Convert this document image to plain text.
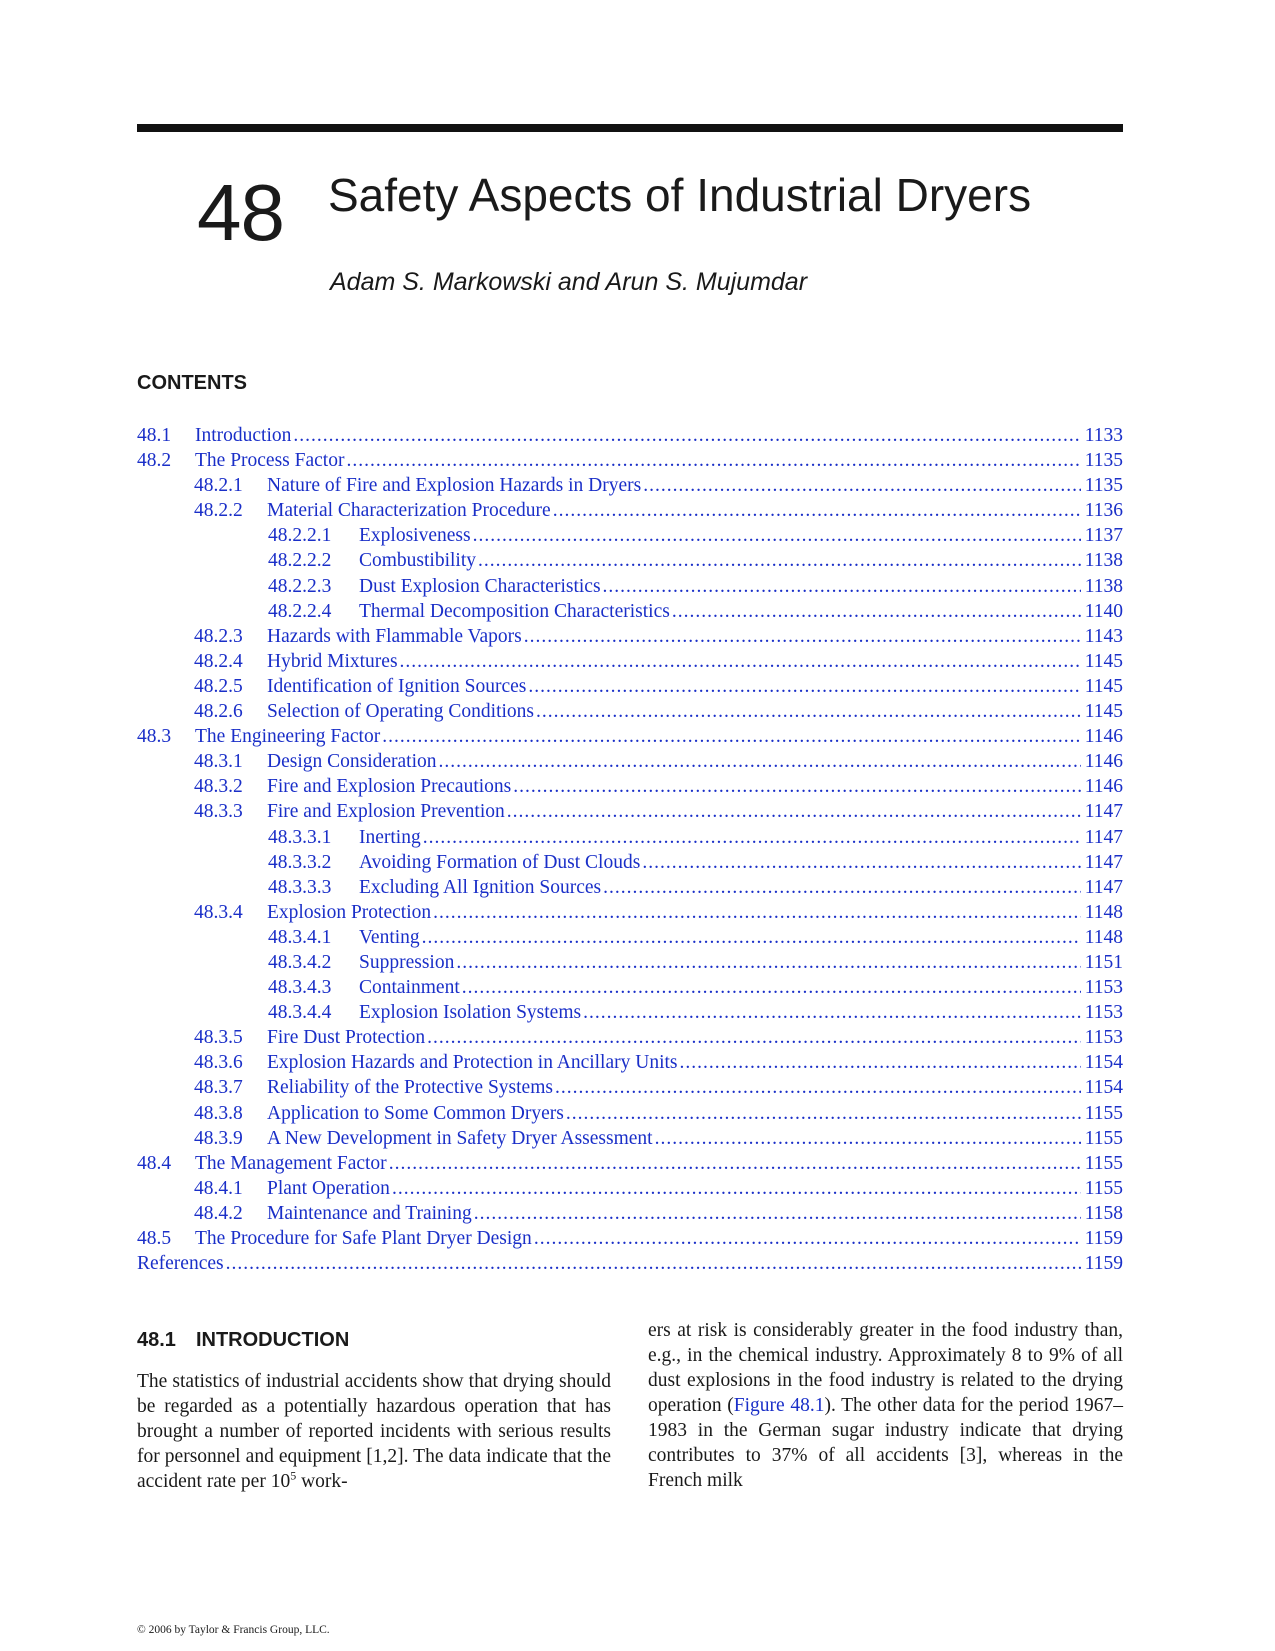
48 Safety Aspects of Industrial Dryers
Adam S. Markowski and Arun S. Mujumdar
CONTENTS
48.1	Introduction .....	1133
48.2	The Process Factor .....	1135
48.2.1	Nature of Fire and Explosion Hazards in Dryers .....	1135
48.2.2	Material Characterization Procedure .....	1136
48.2.2.1	Explosiveness .....	1137
48.2.2.2	Combustibility .....	1138
48.2.2.3	Dust Explosion Characteristics .....	1138
48.2.2.4	Thermal Decomposition Characteristics .....	1140
48.2.3	Hazards with Flammable Vapors .....	1143
48.2.4	Hybrid Mixtures .....	1145
48.2.5	Identification of Ignition Sources .....	1145
48.2.6	Selection of Operating Conditions .....	1145
48.3	The Engineering Factor .....	1146
48.3.1	Design Consideration .....	1146
48.3.2	Fire and Explosion Precautions .....	1146
48.3.3	Fire and Explosion Prevention .....	1147
48.3.3.1	Inerting .....	1147
48.3.3.2	Avoiding Formation of Dust Clouds .....	1147
48.3.3.3	Excluding All Ignition Sources .....	1147
48.3.4	Explosion Protection .....	1148
48.3.4.1	Venting .....	1148
48.3.4.2	Suppression .....	1151
48.3.4.3	Containment .....	1153
48.3.4.4	Explosion Isolation Systems .....	1153
48.3.5	Fire Dust Protection .....	1153
48.3.6	Explosion Hazards and Protection in Ancillary Units .....	1154
48.3.7	Reliability of the Protective Systems .....	1154
48.3.8	Application to Some Common Dryers .....	1155
48.3.9	A New Development in Safety Dryer Assessment .....	1155
48.4	The Management Factor .....	1155
48.4.1	Plant Operation .....	1155
48.4.2	Maintenance and Training .....	1158
48.5	The Procedure for Safe Plant Dryer Design .....	1159
References .....	1159
48.1 INTRODUCTION

The statistics of industrial accidents show that drying should be regarded as a potentially hazardous operation that has brought a number of reported incidents with serious results for personnel and equipment [1,2]. The data indicate that the accident rate per $10^5$ work-

ers at risk is considerably greater in the food industry than, e.g., in the chemical industry. Approximately 8 to 9% of all dust explosions in the food industry is related to the drying operation (Figure 48.1). The other data for the period 1967–1983 in the German sugar industry indicate that drying contributes to 37% of all accidents [3], whereas in the French milk

© 2006 by Taylor & Francis Group, LLC.
